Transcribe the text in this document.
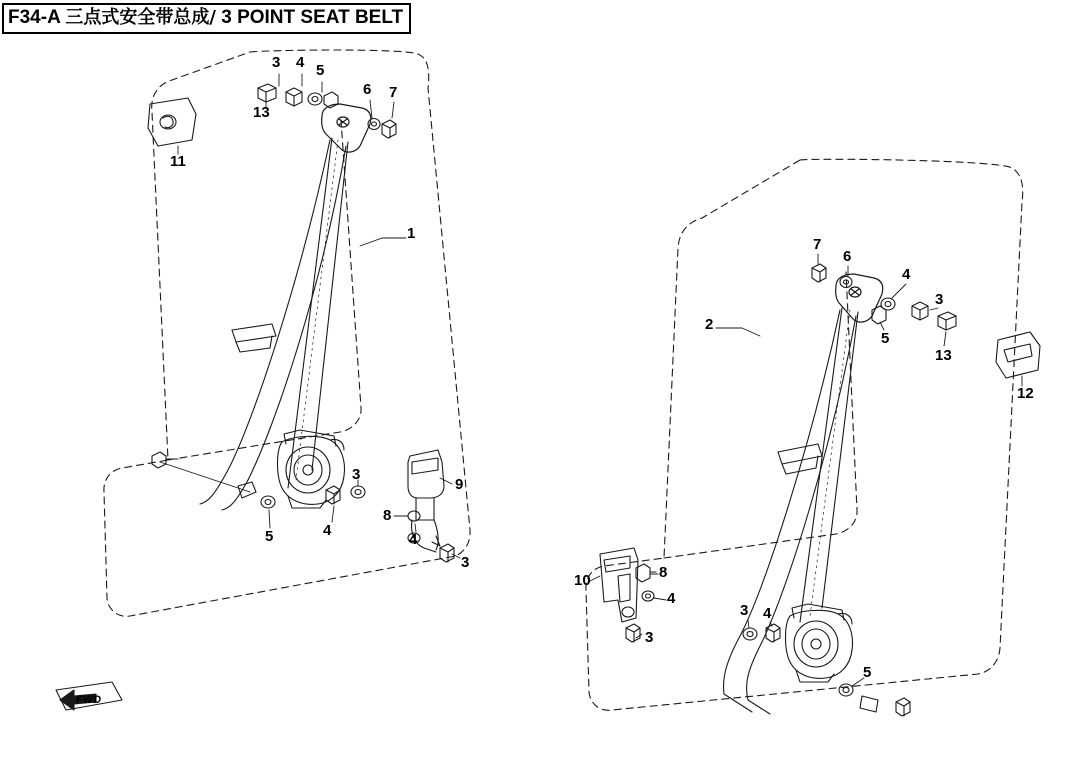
F34-A 三点式安全带总成/ 3 POINT SEAT BELT
1
2
3 4 5
13
6 7
11
3
4
5
8
9
4
3
7
6
4
3
5
13
12
10	8
4
3
3 4
5
FWD
